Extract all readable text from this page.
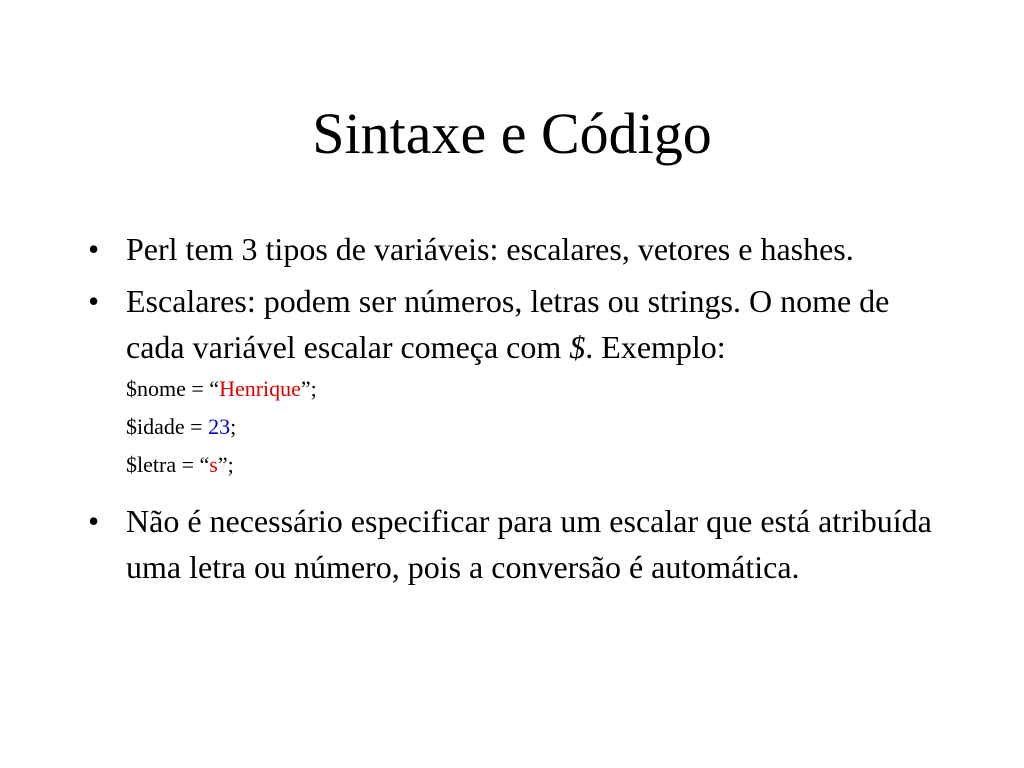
Sintaxe e Código
• Perl tem 3 tipos de variáveis: escalares, vetores e hashes.
• Escalares: podem ser números, letras ou strings. O nome de cada variável escalar começa com $. Exemplo:
$nome = “Henrique”;
$idade = 23;
$letra = “s”;
• Não é necessário especificar para um escalar que está atribuída uma letra ou número, pois a conversão é automática.
